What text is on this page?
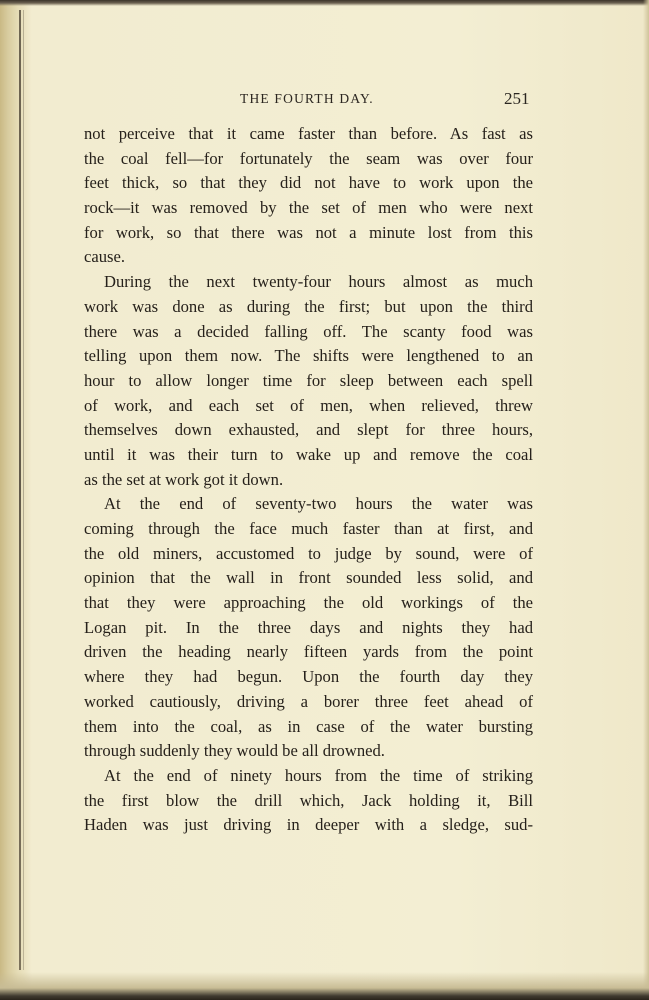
THE FOURTH DAY.	251
not perceive that it came faster than before. As fast as
the coal fell—for fortunately the seam was over four
feet thick, so that they did not have to work upon the
rock—it was removed by the set of men who were next
for work, so that there was not a minute lost from this
cause.
During the next twenty-four hours almost as much
work was done as during the first; but upon the third
there was a decided falling off. The scanty food was
telling upon them now. The shifts were lengthened to an
hour to allow longer time for sleep between each spell
of work, and each set of men, when relieved, threw
themselves down exhausted, and slept for three hours,
until it was their turn to wake up and remove the coal
as the set at work got it down.
At the end of seventy-two hours the water was
coming through the face much faster than at first, and
the old miners, accustomed to judge by sound, were of
opinion that the wall in front sounded less solid, and
that they were approaching the old workings of the
Logan pit. In the three days and nights they had
driven the heading nearly fifteen yards from the point
where they had begun. Upon the fourth day they
worked cautiously, driving a borer three feet ahead of
them into the coal, as in case of the water bursting
through suddenly they would be all drowned.
At the end of ninety hours from the time of striking
the first blow the drill which, Jack holding it, Bill
Haden was just driving in deeper with a sledge, sud-
